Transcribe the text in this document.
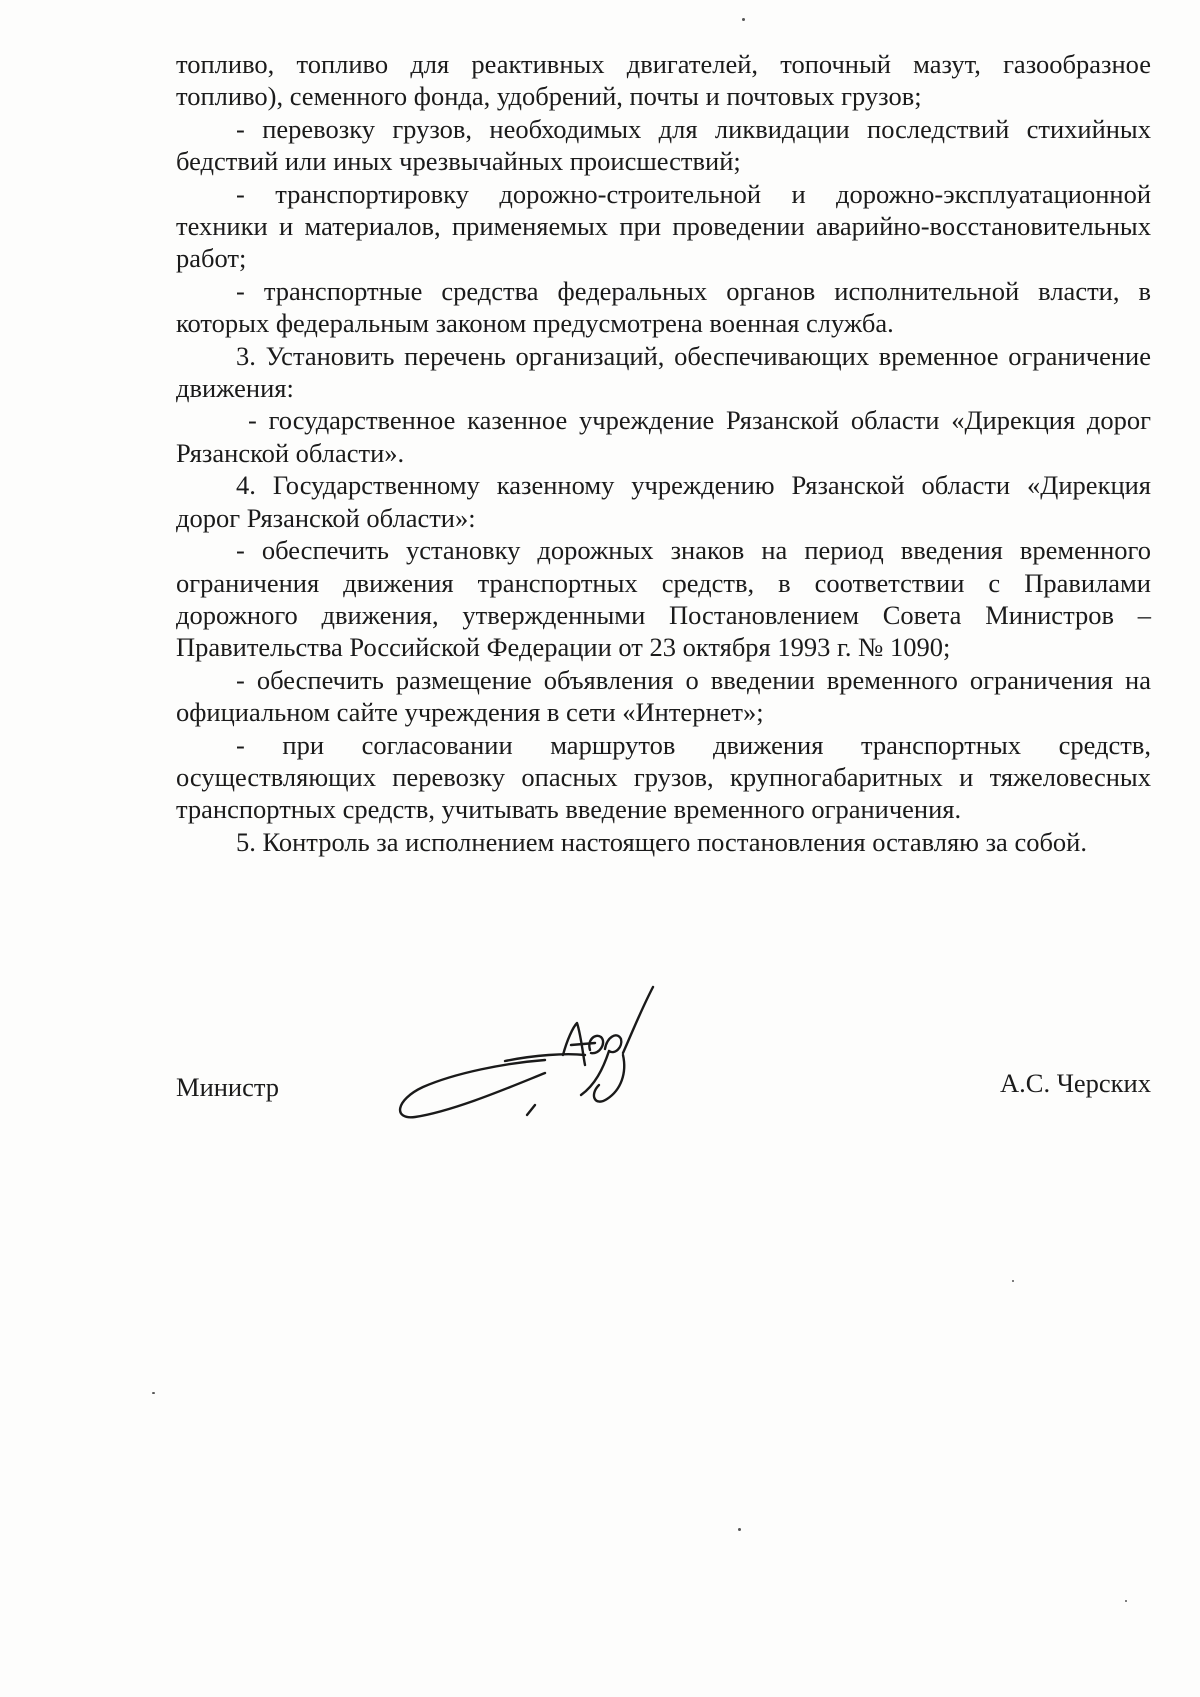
топливо, топливо для реактивных двигателей, топочный мазут, газообразное топливо), семенного фонда, удобрений, почты и почтовых грузов;

- перевозку грузов, необходимых для ликвидации последствий стихийных бедствий или иных чрезвычайных происшествий;

- транспортировку дорожно-строительной и дорожно-эксплуатационной техники и материалов, применяемых при проведении аварийно-восстановительных работ;

- транспортные средства федеральных органов исполнительной власти, в которых федеральным законом предусмотрена военная служба.

3. Установить перечень организаций, обеспечивающих временное ограничение движения:

- государственное казенное учреждение Рязанской области «Дирекция дорог Рязанской области».

4. Государственному казенному учреждению Рязанской области «Дирекция дорог Рязанской области»:

- обеспечить установку дорожных знаков на период введения временного ограничения движения транспортных средств, в соответствии с Правилами дорожного движения, утвержденными Постановлением Совета Министров – Правительства Российской Федерации от 23 октября 1993 г. № 1090;

- обеспечить размещение объявления о введении временного ограничения на официальном сайте учреждения в сети «Интернет»;

- при согласовании маршрутов движения транспортных средств, осуществляющих перевозку опасных грузов, крупногабаритных и тяжеловесных транспортных средств, учитывать введение временного ограничения.

5. Контроль за исполнением настоящего постановления оставляю за собой.

Министр	А.С. Черских
